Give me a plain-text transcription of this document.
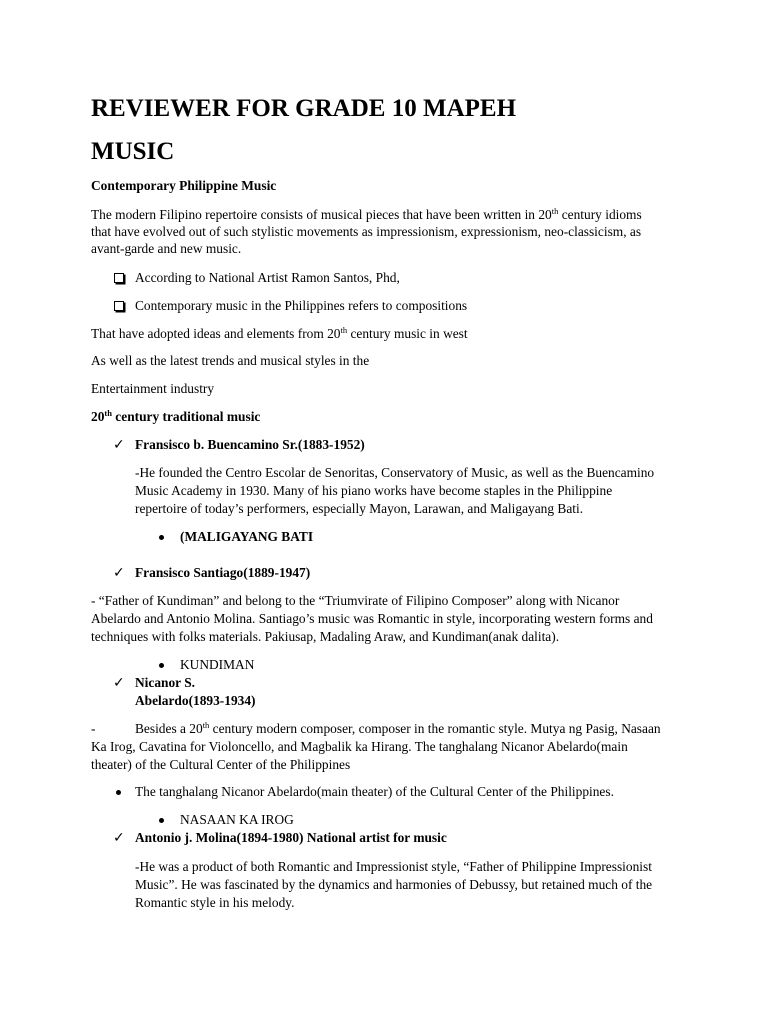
REVIEWER FOR GRADE 10 MAPEH
MUSIC
Contemporary Philippine Music
The modern Filipino repertoire consists of musical pieces that have been written in 20th century idioms
that have evolved out of such stylistic movements as impressionism, expressionism, neo-classicism, as
avant-garde and new music.
According to National Artist Ramon Santos, Phd,
Contemporary music in the Philippines refers to compositions
That have adopted ideas and elements from 20th century music in west
As well as the latest trends and musical styles in the
Entertainment industry
20th century traditional music
✓ Fransisco b. Buencamino Sr.(1883-1952)
-He founded the Centro Escolar de Senoritas, Conservatory of Music, as well as the Buencamino
Music Academy in 1930. Many of his piano works have become staples in the Philippine
repertoire of today’s performers, especially Mayon, Larawan, and Maligayang Bati.
(MALIGAYANG BATI
✓ Fransisco Santiago(1889-1947)
- “Father of Kundiman” and belong to the “Triumvirate of Filipino Composer” along with Nicanor
Abelardo and Antonio Molina. Santiago’s music was Romantic in style, incorporating western forms and
techniques with folks materials. Pakiusap, Madaling Araw, and Kundiman(anak dalita).
KUNDIMAN
✓ Nicanor S.
Abelardo(1893-1934)
-	Besides a 20th century modern composer, composer in the romantic style. Mutya ng Pasig, Nasaan
Ka Irog, Cavatina for Violoncello, and Magbalik ka Hirang. The tanghalang Nicanor Abelardo(main
theater) of the Cultural Center of the Philippines
The tanghalang Nicanor Abelardo(main theater) of the Cultural Center of the Philippines.
NASAAN KA IROG
✓ Antonio j. Molina(1894-1980) National artist for music
-He was a product of both Romantic and Impressionist style, “Father of Philippine Impressionist
Music”. He was fascinated by the dynamics and harmonies of Debussy, but retained much of the
Romantic style in his melody.
